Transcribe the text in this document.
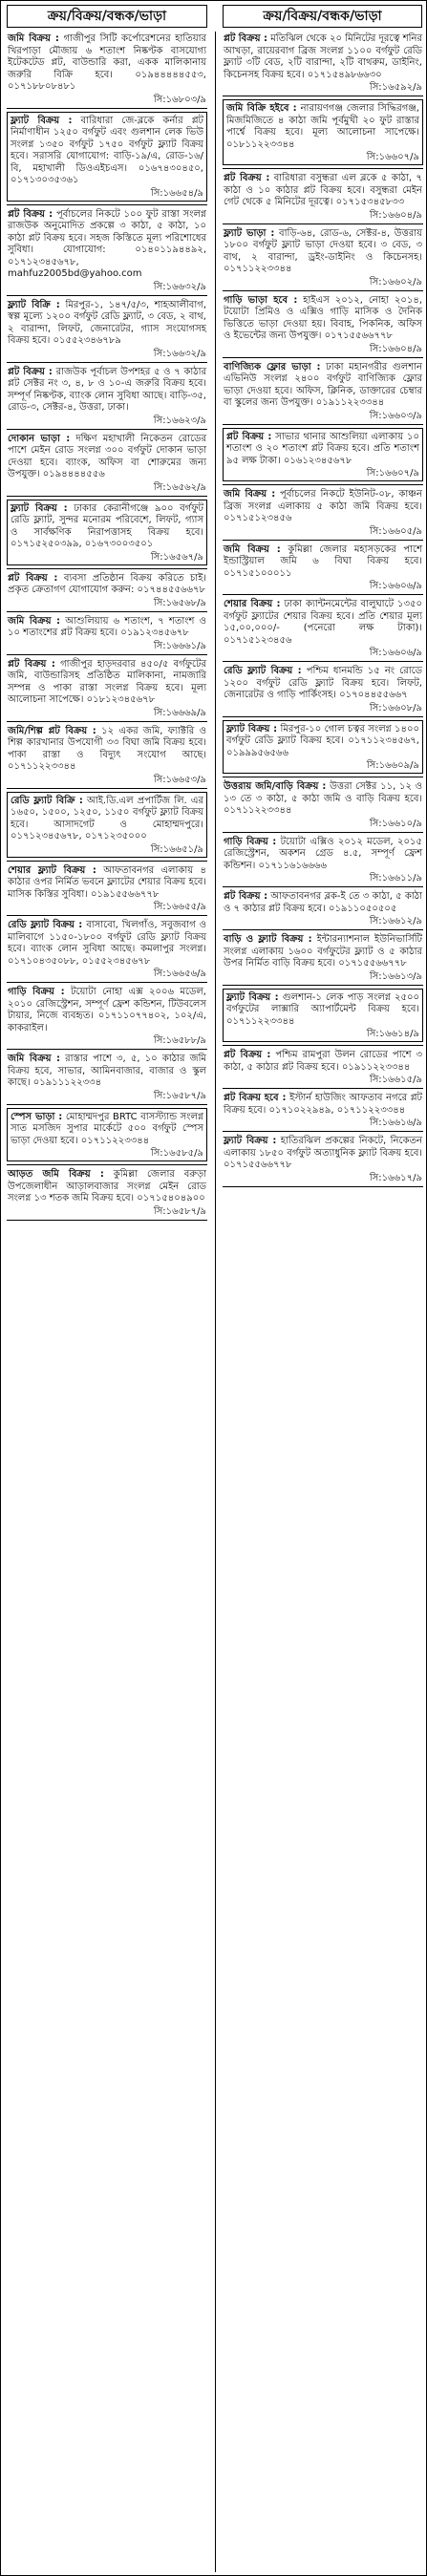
ক্রয়/বিক্রয়/বন্ধক/ভাড়া	ক্রয়/বিক্রয়/বন্ধক/ভাড়া

জমি বিক্রয় : গাজীপুর সিটি কর্পোরেশনের হাতিয়ার খিরপাড়া মৌজায় ৬ শতাংশ নিষ্কণ্টক বাসযোগ্য ইটেকটেড প্লট, বাউন্ডারি করা, একক মালিকানায় জরুরি বিক্রি হবে। ০১৯৪৪৪৪৪৫৫৩, ০১৭১৮৮০৮৪৮১
সি:১৬৮০৩/৯

ফ্ল্যাট বিক্রয় : বারিধারা জে-ব্লকে কর্নার প্লট নির্মাণাধীন ১২৫০ বর্গফুট এবং গুলশান লেক ভিউ সংলগ্ন ১৩৫০ বর্গফুট ১৭৫০ বর্গফুট ফ্ল্যাট বিক্রয় হবে। সরাসরি যোগাযোগ: বাড়ি-১৯/এ, রোড-১৬/বি, মহাখালী ডিওএইচএস। ০১৬৭৪৩০৪৫০, ০১৭১৩০৩৫৩৬১
সি:১৬৬৫৪/৯

প্লট বিক্রয় : পূর্বাচলের নিকটে ১০০ ফুট রাস্তা সংলগ্ন রাজউক অনুমোদিত প্রকল্পে ৩ কাঠা, ৫ কাঠা, ১০ কাঠা প্লট বিক্রয় হবে। সহজ কিস্তিতে মূল্য পরিশোধের সুবিধা। যোগাযোগ: ০১৪০১১৯৪৪৯২, ০১৭১২৩৪৫৬৭৮, mahfuz2005bd@yahoo.com
সি:১৬৬৩২/৯

ফ্ল্যাট বিক্রি : মিরপুর-১, ১৪৭/৫/৩, শাহআলীবাগ, স্বল্প মূল্যে ১২০০ বর্গফুট রেডি ফ্ল্যাট, ৩ বেড, ২ বাথ, ২ বারান্দা, লিফট, জেনারেটর, গ্যাস সংযোগসহ বিক্রয় হবে। ০১৫৫২৩৪৬৭৮৯
সি:১৬৬৩২/৯

প্লট বিক্রয় : রাজউক পূর্বাচল উপশহর ৫ ও ৭ কাঠার প্লট সেক্টর নং ৩, ৪, ৮ ও ১০-এ জরুরি বিক্রয় হবে। সম্পূর্ণ নিষ্কণ্টক, ব্যাংক লোন সুবিধা আছে। বাড়ি-৩৫, রোড-৩, সেক্টর-৪, উত্তরা, ঢাকা।
সি:১৬৬২৩/৯

দোকান ভাড়া : দক্ষিণ মহাখালী নিকেতন রোডের পাশে মেইন রোড সংলগ্ন ৩০০ বর্গফুট দোকান ভাড়া দেওয়া হবে। ব্যাংক, অফিস বা শোরুমের জন্য উপযুক্ত। ০১৯৪৪৪৪৫৫৬
সি:১৬৫৬২/৯

ফ্ল্যাট বিক্রয় : ঢাকার কেরানীগঞ্জে ৯০০ বর্গফুট রেডি ফ্ল্যাট, সুন্দর মনোরম পরিবেশে, লিফট, গ্যাস ও সার্বক্ষণিক নিরাপত্তাসহ বিক্রয় হবে। ০১৭১৫২৫০৩৯৯, ০১৬৭৩০০৩৫০১
সি:১৬৫৬৭/৯

প্লট বিক্রয় : ব্যবসা প্রতিষ্ঠান বিক্রয় করিতে চাই। প্রকৃত ক্রেতাগণ যোগাযোগ করুন: ০১৭৪৪৫৫৬৬৭৮
সি:১৬৫৬৮/৯

জমি বিক্রয় : আশুলিয়ায় ৬ শতাংশ, ৭ শতাংশ ও ১০ শতাংশের প্লট বিক্রয় হবে। ০১৯১২৩৪৫৬৭৮
সি:১৬৬৬১/৯

প্লট বিক্রয় : গাজীপুর হাড়দরবার ৪৫০/৫ বর্গফুটের জমি, বাউন্ডারিসহ প্রতিষ্ঠিত মালিকানা, নামজারি সম্পন্ন ও পাকা রাস্তা সংলগ্ন বিক্রয় হবে। মূল্য আলোচনা সাপেক্ষে। ০১৮১২৩৪৫৬৭৮
সি:১৬৬৬৯/৯

জমি/শিল্প প্লট বিক্রয় : ১২ একর জমি, ফ্যাক্টরি ও শিল্প কারখানার উপযোগী ৩৩ বিঘা জমি বিক্রয় হবে। পাকা রাস্তা ও বিদ্যুৎ সংযোগ আছে। ০১৭১১২২৩৩৪৪
সি:১৬৬৫৩/৯

রেডি ফ্ল্যাট বিক্রি : আই.ডি.এল প্রপার্টিজ লি. এর ১৬৫০, ১৫০০, ১২৫০, ১১৫০ বর্গফুট ফ্ল্যাট বিক্রয় হবে। আসাদগেট ও মোহাম্মদপুরে। ০১৭১২৩৪৫৬৭৮, ০১৭১২৩৫০০০
সি:১৬৬৫১/৯

শেয়ার ফ্ল্যাট বিক্রয় : আফতাবনগর এলাকায় ৪ কাঠার ওপর নির্মিত ভবনে ফ্ল্যাটের শেয়ার বিক্রয় হবে। মাসিক কিস্তির সুবিধা। ০১৯১৫৫৬৬৭৭৮
সি:১৬৬৫৫/৯

রেডি ফ্ল্যাট বিক্রয় : বাসাবো, খিলগাঁও, সবুজবাগ ও মালিবাগে ১১৫০-১৮০০ বর্গফুট রেডি ফ্ল্যাট বিক্রয় হবে। ব্যাংক লোন সুবিধা আছে। কমলাপুর সংলগ্ন। ০১৭১০৪৩৫০৮৮, ০১৫৫২৩৪৫৬৭৮
সি:১৬৬৫৬/৯

গাড়ি বিক্রয় : টয়োটা নোহা এক্স ২০০৬ মডেল, ২০১০ রেজিস্ট্রেশন, সম্পূর্ণ ফ্রেশ কন্ডিশন, টিউবলেস টায়ার, নিজে ব্যবহৃত। ০১৭১১০৭৭৪০২, ১০২/এ, কাকরাইল।
সি:১৬৫৮৮/৯

জমি বিক্রয় : রাস্তার পাশে ৩, ৫, ১০ কাঠার জমি বিক্রয় হবে, সাভার, আমিনবাজার, বাজার ও স্কুল কাছে। ০১৯১১১২২৩৩৪
সি:১৬৫৮৭/৯

স্পেস ভাড়া : মোহাম্মদপুর BRTC বাসস্ট্যান্ড সংলগ্ন সাত মসজিদ সুপার মার্কেটে ৫০০ বর্গফুট স্পেস ভাড়া দেওয়া হবে। ০১৭১১২২৩৩৪৪
সি:১৬৫৮৫/৯

আড়ত জমি বিক্রয় : কুমিল্লা জেলার বরুড়া উপজেলাধীন আড়ালবাজার সংলগ্ন মেইন রোড সংলগ্ন ১৩ শতক জমি বিক্রয় হবে। ০১৭১৫৪০৪৯০০
সি:১৬৫৮৭/৯

প্লট বিক্রয় : মতিঝিল থেকে ২০ মিনিটের দূরত্বে শনির আখড়া, রায়েরবাগ ব্রিজ সংলগ্ন ১১০০ বর্গফুট রেডি ফ্ল্যাট ৩টি বেড, ২টি বারান্দা, ২টি বাথরুম, ডাইনিং, কিচেনসহ বিক্রয় হবে। ০১৭১৫৪৯৮৬৬৩০
সি:১৬৫৯২/৯

জমি বিক্রি হইবে : নারায়ণগঞ্জ জেলার সিদ্ধিরগঞ্জ, মিজমিজিতে ৪ কাঠা জমি পূর্বমুখী ২০ ফুট রাস্তার পার্শ্বে বিক্রয় হবে। মূল্য আলোচনা সাপেক্ষে। ০১৮১১২২৩৩৪৪
সি:১৬৬০৭/৯

প্লট বিক্রয় : বারিধারা বসুন্ধরা এল ব্লকে ৫ কাঠা, ৭ কাঠা ও ১০ কাঠার প্লট বিক্রয় হবে। বসুন্ধরা মেইন গেট থেকে ৫ মিনিটের দূরত্বে। ০১৭১৫৩৪৫৮৩৩
সি:১৬৬০৪/৯

ফ্ল্যাট ভাড়া : বাড়ি-৬৪, রোড-৬, সেক্টর-৪, উত্তরায় ১৮০০ বর্গফুট ফ্ল্যাট ভাড়া দেওয়া হবে। ৩ বেড, ৩ বাথ, ২ বারান্দা, ড্রইং-ডাইনিং ও কিচেনসহ। ০১৭১১২২৩৩৪৪
সি:১৬৬০২/৯

গাড়ি ভাড়া হবে : হাইএস ২০১২, নোহা ২০১৪, টয়োটা প্রিমিও ও এক্সিও গাড়ি মাসিক ও দৈনিক ভিত্তিতে ভাড়া দেওয়া হয়। বিবাহ, পিকনিক, অফিস ও ইভেন্টের জন্য উপযুক্ত। ০১৭১৫৫৬৬৭৭৮
সি:১৬৬০৪/৯

বাণিজ্যিক ফ্লোর ভাড়া : ঢাকা মহানগরীর গুলশান এভিনিউ সংলগ্ন ২৪০০ বর্গফুট বাণিজ্যিক ফ্লোর ভাড়া দেওয়া হবে। অফিস, ক্লিনিক, ডাক্তারের চেম্বার বা স্কুলের জন্য উপযুক্ত। ০১৯১১২২৩৩৪৪
সি:১৬৬০৩/৯

প্লট বিক্রয় : সাভার থানার আশুলিয়া এলাকায় ১০ শতাংশ ও ২০ শতাংশ প্লট বিক্রয় হবে। প্রতি শতাংশ ৯৫ লক্ষ টাকা। ০১৬১২৩৪৫৬৭৮
সি:১৬৬০৭/৯

জমি বিক্রয় : পূর্বাচলের নিকটে ইউনিট-০৮, কাঞ্চন ব্রিজ সংলগ্ন এলাকায় ৫ কাঠা জমি বিক্রয় হবে। ০১৭১৫১২৩৪৫৬
সি:১৬৬০৫/৯

জমি বিক্রয় : কুমিল্লা জেলার মহাসড়কের পাশে ইন্ডাস্ট্রিয়াল জমি ৬ বিঘা বিক্রয় হবে। ০১৭১৫১০০০১১
সি:১৬৬০৬/৯

শেয়ার বিক্রয় : ঢাকা ক্যান্টনমেন্টের বালুঘাটে ১৩৫০ বর্গফুট ফ্ল্যাটের শেয়ার বিক্রয় হবে। প্রতি শেয়ার মূল্য ১৫,০০,০০০/- (পনেরো লক্ষ টাকা)। ০১৭১৫১২৩৪৫৬
সি:১৬৬০৬/৯

রেডি ফ্ল্যাট বিক্রয় : পশ্চিম ধানমন্ডি ১৫ নং রোডে ১২০০ বর্গফুট রেডি ফ্ল্যাট বিক্রয় হবে। লিফট, জেনারেটর ও গাড়ি পার্কিংসহ। ০১৭০৪৪৫৫৬৬৭
সি:১৬৬০৮/৯

ফ্ল্যাট বিক্রয় : মিরপুর-১০ গোল চত্বর সংলগ্ন ১৪০০ বর্গফুট রেডি ফ্ল্যাট বিক্রয় হবে। ০১৭১১২৩৪৫৬৭, ০১৯৯৯৫৬৫৬৬
সি:১৬৬০৯/৯

উত্তরায় জমি/বাড়ি বিক্রয় : উত্তরা সেক্টর ১১, ১২ ও ১৩ তে ৩ কাঠা, ৫ কাঠা জমি ও বাড়ি বিক্রয় হবে। ০১৭১১২২৩৩৪৪
সি:১৬৬১০/৯

গাড়ি বিক্রয় : টয়োটা এক্সিও ২০১২ মডেল, ২০১৫ রেজিস্ট্রেশন, অকশন গ্রেড ৪.৫, সম্পূর্ণ ফ্রেশ কন্ডিশন। ০১৭১১৬১৬৬৬৬
সি:১৬৬১১/৯

প্লট বিক্রয় : আফতাবনগর ব্লক-ই তে ৩ কাঠা, ৫ কাঠা ও ৭ কাঠার প্লট বিক্রয় হবে। ০১৯১১০৫০৫০৫
সি:১৬৬১২/৯

বাড়ি ও ফ্ল্যাট বিক্রয় : ইন্টারন্যাশনাল ইউনিভার্সিটি সংলগ্ন এলাকায় ১৬০০ বর্গফুটের ফ্ল্যাট ও ৫ কাঠার উপর নির্মিত বাড়ি বিক্রয় হবে। ০১৭১৫৫৬৬৭৭৮
সি:১৬৬১৩/৯

ফ্ল্যাট বিক্রয় : গুলশান-১ লেক পাড় সংলগ্ন ২৫০০ বর্গফুটের লাক্সারি অ্যাপার্টমেন্ট বিক্রয় হবে। ০১৭১১২২৩৩৪৪
সি:১৬৬১৪/৯

প্লট বিক্রয় : পশ্চিম রামপুরা উলন রোডের পাশে ৩ কাঠা, ৫ কাঠার প্লট বিক্রয় হবে। ০১৯১১২২৩৩৪৪
সি:১৬৬১৫/৯

প্লট বিক্রয় হবে : ইস্টার্ন হাউজিং আফতাব নগরে প্লট বিক্রয় হবে। ০১৭১০২২৯৪৯, ০১৭১১২২৩৩৪৪
সি:১৬৬১৬/৯

ফ্ল্যাট বিক্রয় : হাতিরঝিল প্রকল্পের নিকটে, নিকেতন এলাকায় ১৮৫০ বর্গফুট অত্যাধুনিক ফ্ল্যাট বিক্রয় হবে। ০১৭১৫৫৬৬৭৭৮
সি:১৬৬১৭/৯
